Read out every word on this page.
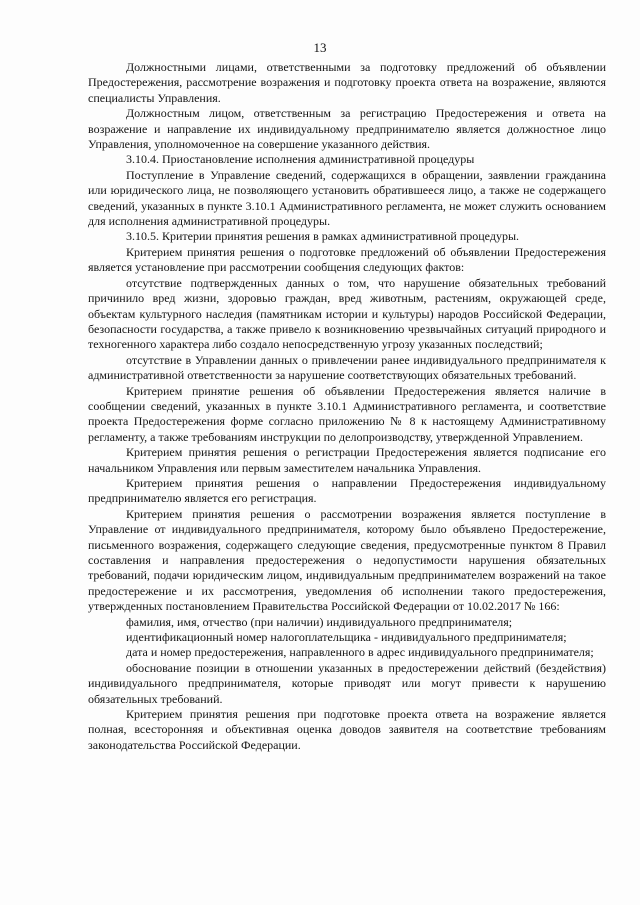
13

Должностными лицами, ответственными за подготовку предложений об объявлении Предостережения, рассмотрение возражения и подготовку проекта ответа на возражение, являются специалисты Управления.

Должностным лицом, ответственным за регистрацию Предостережения и ответа на возражение и направление их индивидуальному предпринимателю является должностное лицо Управления, уполномоченное на совершение указанного действия.

3.10.4. Приостановление исполнения административной процедуры

Поступление в Управление сведений, содержащихся в обращении, заявлении гражданина или юридического лица, не позволяющего установить обратившееся лицо, а также не содержащего сведений, указанных в пункте 3.10.1 Административного регламента, не может служить основанием для исполнения административной процедуры.

3.10.5. Критерии принятия решения в рамках административной процедуры.

Критерием принятия решения о подготовке предложений об объявлении Предостережения является установление при рассмотрении сообщения следующих фактов:

отсутствие подтвержденных данных о том, что нарушение обязательных требований причинило вред жизни, здоровью граждан, вред животным, растениям, окружающей среде, объектам культурного наследия (памятникам истории и культуры) народов Российской Федерации, безопасности государства, а также привело к возникновению чрезвычайных ситуаций природного и техногенного характера либо создало непосредственную угрозу указанных последствий;

отсутствие в Управлении данных о привлечении ранее индивидуального предпринимателя к административной ответственности за нарушение соответствующих обязательных требований.

Критерием принятие решения об объявлении Предостережения является наличие в сообщении сведений, указанных в пункте 3.10.1 Административного регламента, и соответствие проекта Предостережения форме согласно приложению № 8 к настоящему Административному регламенту, а также требованиям инструкции по делопроизводству, утвержденной Управлением.

Критерием принятия решения о регистрации Предостережения является подписание его начальником Управления или первым заместителем начальника Управления.

Критерием принятия решения о направлении Предостережения индивидуальному предпринимателю является его регистрация.

Критерием принятия решения о рассмотрении возражения является поступление в Управление от индивидуального предпринимателя, которому было объявлено Предостережение, письменного возражения, содержащего следующие сведения, предусмотренные пунктом 8 Правил составления и направления предостережения о недопустимости нарушения обязательных требований, подачи юридическим лицом, индивидуальным предпринимателем возражений на такое предостережение и их рассмотрения, уведомления об исполнении такого предостережения, утвержденных постановлением Правительства Российской Федерации от 10.02.2017 № 166:

фамилия, имя, отчество (при наличии) индивидуального предпринимателя;

идентификационный номер налогоплательщика - индивидуального предпринимателя;

дата и номер предостережения, направленного в адрес индивидуального предпринимателя;

обоснование позиции в отношении указанных в предостережении действий (бездействия) индивидуального предпринимателя, которые приводят или могут привести к нарушению обязательных требований.

Критерием принятия решения при подготовке проекта ответа на возражение является полная, всесторонняя и объективная оценка доводов заявителя на соответствие требованиям законодательства Российской Федерации.
